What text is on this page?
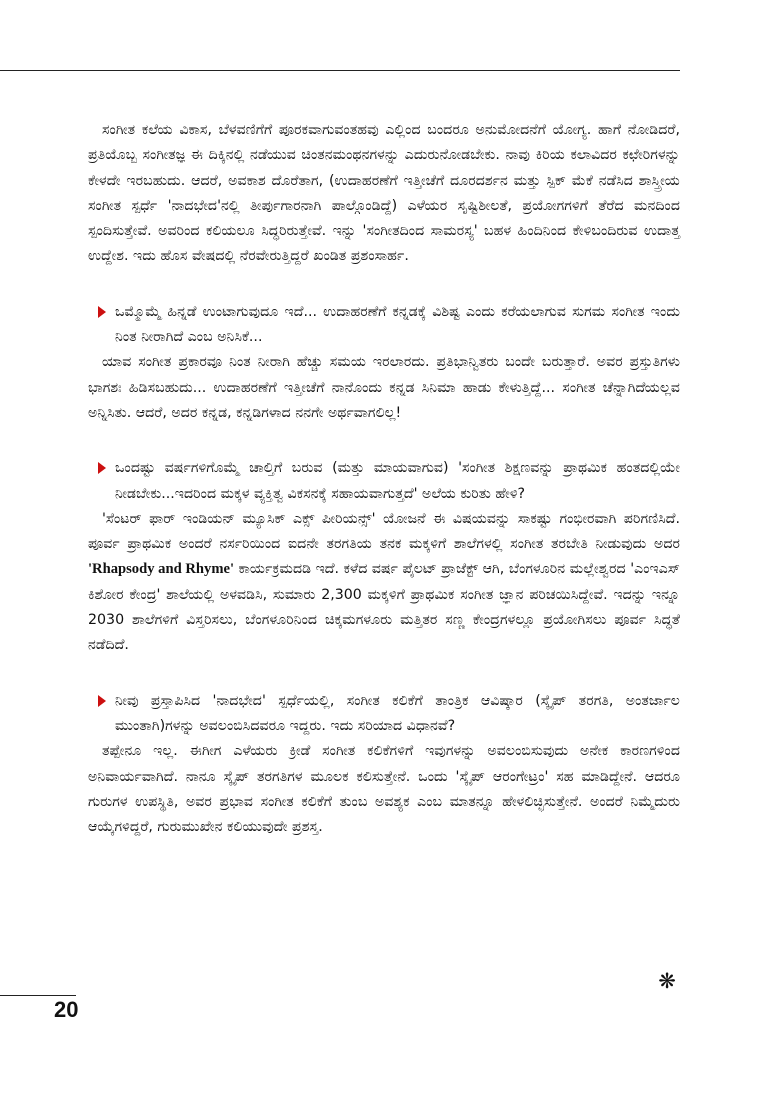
ಸಂಗೀತ ಕಲೆಯ ವಿಕಾಸ, ಬೆಳವಣಿಗೆಗೆ ಪೂರಕವಾಗುವಂತಹವು ಎಲ್ಲಿಂದ ಬಂದರೂ ಅನುಮೋದನೆಗೆ ಯೋಗ್ಯ. ಹಾಗೆ ನೋಡಿದರೆ, ಪ್ರತಿಯೊಬ್ಬ ಸಂಗೀತಜ್ಞ ಈ ದಿಕ್ಕಿನಲ್ಲಿ ನಡೆಯುವ ಚಿಂತನಮಂಥನಗಳನ್ನು ಎದುರುನೋಡಬೇಕು. ನಾವು ಕಿರಿಯ ಕಲಾವಿದರ ಕಛೇರಿಗಳನ್ನು ಕೇಳದೇ ಇರಬಹುದು. ಆದರೆ, ಅವಕಾಶ ದೊರೆತಾಗ, (ಉದಾಹರಣೆಗೆ ಇತ್ತೀಚೆಗೆ ದೂರದರ್ಶನ ಮತ್ತು ಸ್ಪಿಕ್ ಮೆಕೆ ನಡೆಸಿದ ಶಾಸ್ತ್ರೀಯ ಸಂಗೀತ ಸ್ಪರ್ಧೆ 'ನಾದಭೇದ'ನಲ್ಲಿ ತೀರ್ಪುಗಾರನಾಗಿ ಪಾಲ್ಗೊಂಡಿದ್ದೆ) ಎಳೆಯರ ಸೃಷ್ಟಿಶೀಲತೆ, ಪ್ರಯೋಗಗಳಿಗೆ ತೆರೆದ ಮನದಿಂದ ಸ್ಪಂದಿಸುತ್ತೇವೆ. ಅವರಿಂದ ಕಲಿಯಲೂ ಸಿದ್ಧರಿರುತ್ತೇವೆ. ಇನ್ನು 'ಸಂಗೀತದಿಂದ ಸಾಮರಸ್ಯ' ಬಹಳ ಹಿಂದಿನಿಂದ ಕೇಳಿಬಂದಿರುವ ಉದಾತ್ತ ಉದ್ದೇಶ. ಇದು ಹೊಸ ವೇಷದಲ್ಲಿ ನೆರವೇರುತ್ತಿದ್ದರೆ ಖಂಡಿತ ಪ್ರಶಂಸಾರ್ಹ.

ಒಮ್ಮೊಮ್ಮೆ ಹಿನ್ನಡೆ ಉಂಟಾಗುವುದೂ ಇದೆ... ಉದಾಹರಣೆಗೆ ಕನ್ನಡಕ್ಕೆ ವಿಶಿಷ್ಟ ಎಂದು ಕರೆಯಲಾಗುವ ಸುಗಮ ಸಂಗೀತ ಇಂದು ನಿಂತ ನೀರಾಗಿದೆ ಎಂಬ ಅನಿಸಿಕೆ...

ಯಾವ ಸಂಗೀತ ಪ್ರಕಾರವೂ ನಿಂತ ನೀರಾಗಿ ಹೆಚ್ಚು ಸಮಯ ಇರಲಾರದು. ಪ್ರತಿಭಾನ್ವಿತರು ಬಂದೇ ಬರುತ್ತಾರೆ. ಅವರ ಪ್ರಸ್ತುತಿಗಳು ಭಾಗಶಃ ಹಿಡಿಸಬಹುದು... ಉದಾಹರಣೆಗೆ ಇತ್ತೀಚೆಗೆ ನಾನೊಂದು ಕನ್ನಡ ಸಿನಿಮಾ ಹಾಡು ಕೇಳುತ್ತಿದ್ದೆ... ಸಂಗೀತ ಚೆನ್ನಾಗಿದೆಯಲ್ಲವ ಅನ್ನಿಸಿತು. ಆದರೆ, ಅದರ ಕನ್ನಡ, ಕನ್ನಡಿಗಳಾದ ನನಗೇ ಅರ್ಥವಾಗಲಿಲ್ಲ!

ಒಂದಷ್ಟು ವರ್ಷಗಳಿಗೊಮ್ಮೆ ಚಾಲ್ತಿಗೆ ಬರುವ (ಮತ್ತು ಮಾಯವಾಗುವ) 'ಸಂಗೀತ ಶಿಕ್ಷಣವನ್ನು ಪ್ರಾಥಮಿಕ ಹಂತದಲ್ಲಿಯೇ ನೀಡಬೇಕು...ಇದರಿಂದ ಮಕ್ಕಳ ವ್ಯಕ್ತಿತ್ವ ವಿಕಸನಕ್ಕೆ ಸಹಾಯವಾಗುತ್ತದೆ' ಅಲೆಯ ಕುರಿತು ಹೇಳಿ?

'ಸೆಂಟರ್ ಫಾರ್ ಇಂಡಿಯನ್ ಮ್ಯೂಸಿಕ್ ಎಕ್ಸ್ ಪೀರಿಯನ್ಸ್' ಯೋಜನೆ ಈ ವಿಷಯವನ್ನು ಸಾಕಷ್ಟು ಗಂಭೀರವಾಗಿ ಪರಿಗಣಿಸಿದೆ. ಪೂರ್ವ ಪ್ರಾಥಮಿಕ ಅಂದರೆ ನರ್ಸರಿಯಿಂದ ಐದನೇ ತರಗತಿಯ ತನಕ ಮಕ್ಕಳಿಗೆ ಶಾಲೆಗಳಲ್ಲಿ ಸಂಗೀತ ತರಬೇತಿ ನೀಡುವುದು ಅದರ 'Rhapsody and Rhyme' ಕಾರ್ಯಕ್ರಮದಡಿ ಇದೆ. ಕಳೆದ ವರ್ಷ ಪೈಲಟ್ ಪ್ರಾಜೆಕ್ಟ್ ಆಗಿ, ಬೆಂಗಳೂರಿನ ಮಲ್ಲೇಶ್ವರದ 'ಎಂಇಎಸ್ ಕಿಶೋರ ಕೇಂದ್ರ' ಶಾಲೆಯಲ್ಲಿ ಅಳವಡಿಸಿ, ಸುಮಾರು 2,300 ಮಕ್ಕಳಿಗೆ ಪ್ರಾಥಮಿಕ ಸಂಗೀತ ಜ್ಞಾನ ಪರಿಚಯಿಸಿದ್ದೇವೆ. ಇದನ್ನು ಇನ್ನೂ 2030 ಶಾಲೆಗಳಿಗೆ ವಿಸ್ತರಿಸಲು, ಬೆಂಗಳೂರಿನಿಂದ ಚಿಕ್ಕಮಗಳೂರು ಮತ್ತಿತರ ಸಣ್ಣ ಕೇಂದ್ರಗಳಲ್ಲೂ ಪ್ರಯೋಗಿಸಲು ಪೂರ್ವ ಸಿದ್ಧತೆ ನಡೆದಿದೆ.

ನೀವು ಪ್ರಸ್ತಾಪಿಸಿದ 'ನಾದಭೇದ' ಸ್ಪರ್ಧೆಯಲ್ಲಿ, ಸಂಗೀತ ಕಲಿಕೆಗೆ ತಾಂತ್ರಿಕ ಆವಿಷ್ಕಾರ (ಸ್ಕೈಪ್ ತರಗತಿ, ಅಂತರ್ಜಾಲ ಮುಂತಾಗಿ)ಗಳನ್ನು ಅವಲಂಬಿಸಿದವರೂ ಇದ್ದರು. ಇದು ಸರಿಯಾದ ವಿಧಾನವೆ?

ತಪ್ಪೇನೂ ಇಲ್ಲ. ಈಗೀಗ ಎಳೆಯರು ಕ್ರೀಡೆ ಸಂಗೀತ ಕಲಿಕೆಗಳಿಗೆ ಇವುಗಳನ್ನು ಅವಲಂಬಿಸುವುದು ಅನೇಕ ಕಾರಣಗಳಿಂದ ಅನಿವಾರ್ಯವಾಗಿದೆ. ನಾನೂ ಸ್ಕೈಪ್ ತರಗತಿಗಳ ಮೂಲಕ ಕಲಿಸುತ್ತೇನೆ. ಒಂದು 'ಸ್ಕೈಪ್ ಆರಂಗೇಟ್ರಂ' ಸಹ ಮಾಡಿದ್ದೇನೆ. ಆದರೂ ಗುರುಗಳ ಉಪಸ್ಥಿತಿ, ಅವರ ಪ್ರಭಾವ ಸಂಗೀತ ಕಲಿಕೆಗೆ ತುಂಬ ಅವಶ್ಯಕ ಎಂಬ ಮಾತನ್ನೂ ಹೇಳಲಿಚ್ಛಿಸುತ್ತೇನೆ. ಅಂದರೆ ನಿಮ್ಮೆದುರು ಆಯ್ಕೆಗಳಿದ್ದರೆ, ಗುರುಮುಖೇನ ಕಲಿಯುವುದೇ ಪ್ರಶಸ್ತ.

❋
20
